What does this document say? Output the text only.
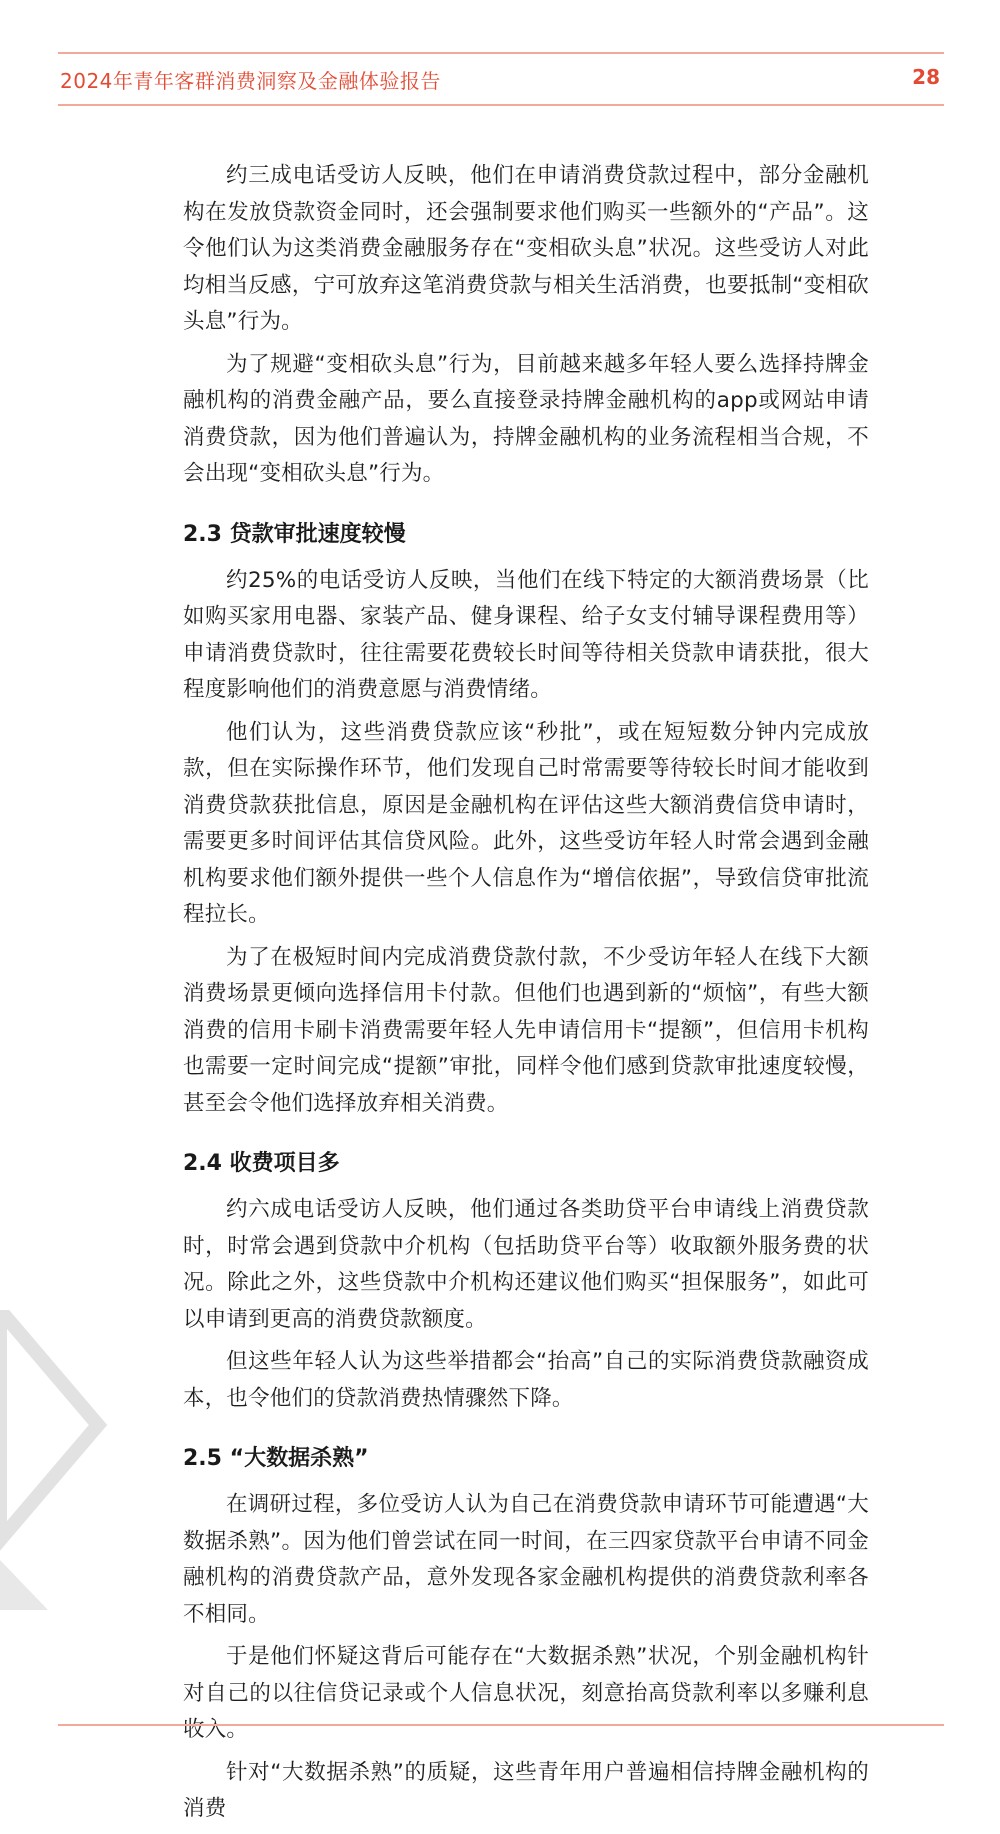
2024年青年客群消费洞察及金融体验报告	28

约三成电话受访人反映，他们在申请消费贷款过程中，部分金融机构在发放贷款资金同时，还会强制要求他们购买一些额外的“产品”。这令他们认为这类消费金融服务存在“变相砍头息”状况。这些受访人对此均相当反感，宁可放弃这笔消费贷款与相关生活消费，也要抵制“变相砍头息”行为。

为了规避“变相砍头息”行为，目前越来越多年轻人要么选择持牌金融机构的消费金融产品，要么直接登录持牌金融机构的app或网站申请消费贷款，因为他们普遍认为，持牌金融机构的业务流程相当合规，不会出现“变相砍头息”行为。

2.3 贷款审批速度较慢

约25%的电话受访人反映，当他们在线下特定的大额消费场景（比如购买家用电器、家装产品、健身课程、给子女支付辅导课程费用等）申请消费贷款时，往往需要花费较长时间等待相关贷款申请获批，很大程度影响他们的消费意愿与消费情绪。

他们认为，这些消费贷款应该“秒批”，或在短短数分钟内完成放款，但在实际操作环节，他们发现自己时常需要等待较长时间才能收到消费贷款获批信息，原因是金融机构在评估这些大额消费信贷申请时，需要更多时间评估其信贷风险。此外，这些受访年轻人时常会遇到金融机构要求他们额外提供一些个人信息作为“增信依据”，导致信贷审批流程拉长。

为了在极短时间内完成消费贷款付款，不少受访年轻人在线下大额消费场景更倾向选择信用卡付款。但他们也遇到新的“烦恼”，有些大额消费的信用卡刷卡消费需要年轻人先申请信用卡“提额”，但信用卡机构也需要一定时间完成“提额”审批，同样令他们感到贷款审批速度较慢，甚至会令他们选择放弃相关消费。

2.4 收费项目多

约六成电话受访人反映，他们通过各类助贷平台申请线上消费贷款时，时常会遇到贷款中介机构（包括助贷平台等）收取额外服务费的状况。除此之外，这些贷款中介机构还建议他们购买“担保服务”，如此可以申请到更高的消费贷款额度。

但这些年轻人认为这些举措都会“抬高”自己的实际消费贷款融资成本，也令他们的贷款消费热情骤然下降。

2.5 “大数据杀熟”

在调研过程，多位受访人认为自己在消费贷款申请环节可能遭遇“大数据杀熟”。因为他们曾尝试在同一时间，在三四家贷款平台申请不同金融机构的消费贷款产品，意外发现各家金融机构提供的消费贷款利率各不相同。

于是他们怀疑这背后可能存在“大数据杀熟”状况，个别金融机构针对自己的以往信贷记录或个人信息状况，刻意抬高贷款利率以多赚利息收入。

针对“大数据杀熟”的质疑，这些青年用户普遍相信持牌金融机构的消费
